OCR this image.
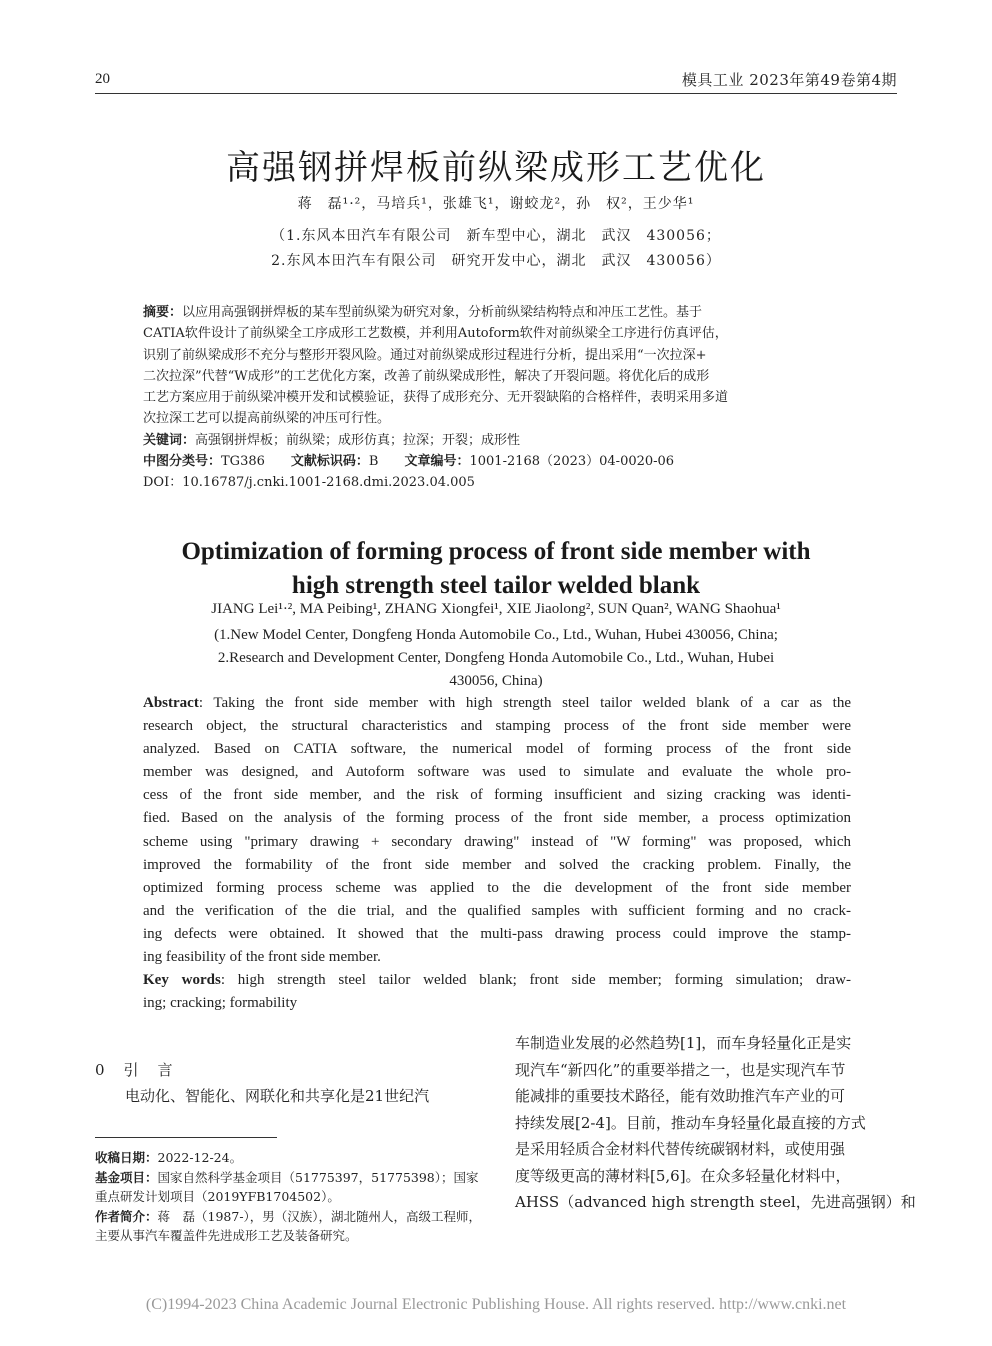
20	模具工业 2023年第49卷第4期
高强钢拼焊板前纵梁成形工艺优化
蒋　磊¹·²，马培兵¹，张雄飞¹，谢蛟龙²，孙　权²，王少华¹
（1.东风本田汽车有限公司　新车型中心，湖北　武汉　430056；
2.东风本田汽车有限公司　研究开发中心，湖北　武汉　430056）
摘要：以应用高强钢拼焊板的某车型前纵梁为研究对象，分析前纵梁结构特点和冲压工艺性。基于
CATIA软件设计了前纵梁全工序成形工艺数模，并利用Autoform软件对前纵梁全工序进行仿真评估，
识别了前纵梁成形不充分与整形开裂风险。通过对前纵梁成形过程进行分析，提出采用“一次拉深+
二次拉深”代替“W成形”的工艺优化方案，改善了前纵梁成形性，解决了开裂问题。将优化后的成形
工艺方案应用于前纵梁冲模开发和试模验证，获得了成形充分、无开裂缺陷的合格样件，表明采用多道
次拉深工艺可以提高前纵梁的冲压可行性。
关键词：高强钢拼焊板；前纵梁；成形仿真；拉深；开裂；成形性
中图分类号：TG386   文献标识码：B   文章编号：1001-2168（2023）04-0020-06
DOI：10.16787/j.cnki.1001-2168.dmi.2023.04.005
Optimization of forming process of front side member with
high strength steel tailor welded blank
JIANG Lei¹·², MA Peibing¹, ZHANG Xiongfei¹, XIE Jiaolong², SUN Quan², WANG Shaohua¹
(1.New Model Center, Dongfeng Honda Automobile Co., Ltd., Wuhan, Hubei 430056, China;
2.Research and Development Center, Dongfeng Honda Automobile Co., Ltd., Wuhan, Hubei
430056, China)
Abstract: Taking the front side member with high strength steel tailor welded blank of a car as the
research object, the structural characteristics and stamping process of the front side member were
analyzed. Based on CATIA software, the numerical model of forming process of the front side
member was designed, and Autoform software was used to simulate and evaluate the whole pro-
cess of the front side member, and the risk of forming insufficient and sizing cracking was identi-
fied. Based on the analysis of the forming process of the front side member, a process optimization
scheme using "primary drawing + secondary drawing" instead of "W forming" was proposed, which
improved the formability of the front side member and solved the cracking problem. Finally, the
optimized forming process scheme was applied to the die development of the front side member
and the verification of the die trial, and the qualified samples with sufficient forming and no crack-
ing defects were obtained. It showed that the multi-pass drawing process could improve the stamp-
ing feasibility of the front side member.
Key words: high strength steel tailor welded blank; front side member; forming simulation; draw-
ing; cracking; formability
0　引　言
电动化、智能化、网联化和共享化是21世纪汽
收稿日期：2022-12-24。
基金项目：国家自然科学基金项目（51775397，51775398）；国家
重点研发计划项目（2019YFB1704502）。
作者简介：蒋　磊（1987-），男（汉族），湖北随州人，高级工程师，
主要从事汽车覆盖件先进成形工艺及装备研究。
车制造业发展的必然趋势[1]，而车身轻量化正是实
现汽车“新四化”的重要举措之一，也是实现汽车节
能减排的重要技术路径，能有效助推汽车产业的可
持续发展[2-4]。目前，推动车身轻量化最直接的方式
是采用轻质合金材料代替传统碳钢材料，或使用强
度等级更高的薄材料[5,6]。在众多轻量化材料中，
AHSS（advanced high strength steel，先进高强钢）和
(C)1994-2023 China Academic Journal Electronic Publishing House. All rights reserved. http://www.cnki.net
